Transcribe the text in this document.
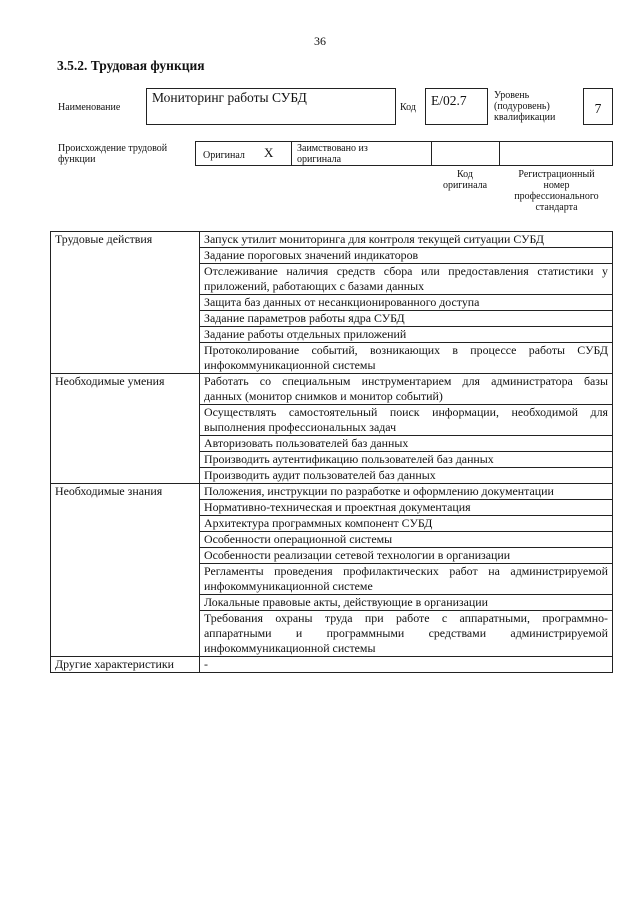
36
3.5.2. Трудовая функция
Наименование
Мониторинг работы СУБД
Код	E/02.7	Уровень
(подуровень)
квалификации
7
Происхождение трудовой
функции	Оригинал X Заимствовано из
оригинала
Код
оригинала
Регистрационный
номер
профессионального
стандарта
Трудовые действия	Запуск утилит мониторинга для контроля текущей ситуации СУБД
	Задание пороговых значений индикаторов

	Отслеживание наличия средств сбора или предоставления статистики у
приложений, работающих с базами данных

	Защита баз данных от несанкционированного доступа
	Задание параметров работы ядра СУБД
	Задание работы отдельных приложений

	Протоколирование событий, возникающих в процессе работы СУБД
инфокоммуникационной системы

Необходимые умения	Работать со специальным инструментарием для администратора базы
данных (монитор снимков и монитор событий)

	Осуществлять самостоятельный поиск информации, необходимой для
выполнения профессиональных задач

	Авторизовать пользователей баз данных
	Производить аутентификацию пользователей баз данных
	Производить аудит пользователей баз данных
Необходимые знания	Положения, инструкции по разработке и оформлению документации
	Нормативно-техническая и проектная документация
	Архитектура программных компонент СУБД
	Особенности операционной системы
	Особенности реализации сетевой технологии в организации

	Регламенты проведения профилактических работ на администрируемой
инфокоммуникационной системе

	Локальные правовые акты, действующие в организации

	Требования охраны труда при работе с аппаратными, программно-
аппаратными и программными средствами администрируемой
инфокоммуникационной системы

Другие характеристики	-
